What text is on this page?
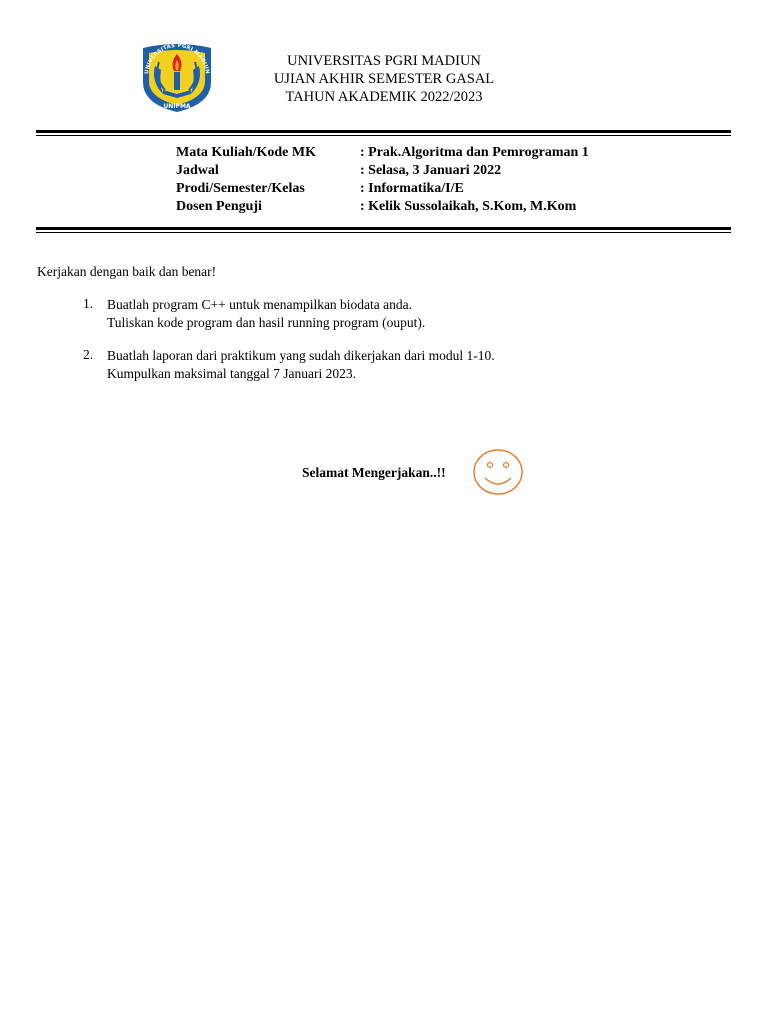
UNIVERSITAS PGRI MADIUN
UNIPMA
UNIVERSITAS PGRI MADIUN
UJIAN AKHIR SEMESTER GASAL
TAHUN AKADEMIK 2022/2023
Mata Kuliah/Kode MK	: Prak.Algoritma dan Pemrograman 1
Jadwal	: Selasa, 3 Januari 2022
Prodi/Semester/Kelas	: Informatika/I/E
Dosen Penguji	: Kelik Sussolaikah, S.Kom, M.Kom
Kerjakan dengan baik dan benar!
1. Buatlah program C++ untuk menampilkan biodata anda.
Tuliskan kode program dan hasil running program (ouput).
2. Buatlah laporan dari praktikum yang sudah dikerjakan dari modul 1-10.
Kumpulkan maksimal tanggal 7 Januari 2023.
Selamat Mengerjakan..!!
